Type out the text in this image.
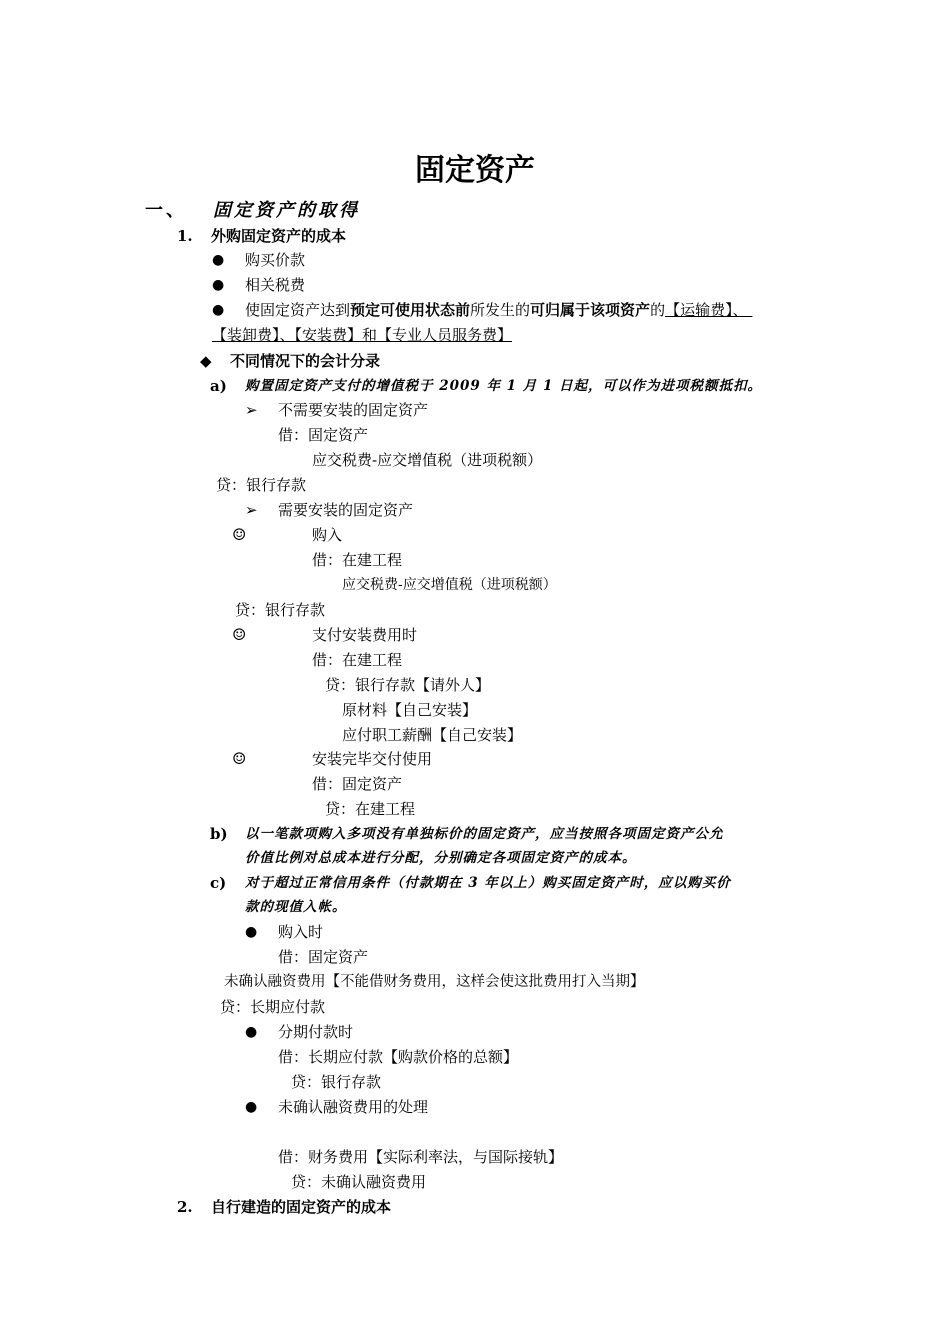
固定资产
一、 固定资产的取得
1. 外购固定资产的成本
● 购买价款
● 相关税费
● 使固定资产达到预定可使用状态前所发生的可归属于该项资产的【运输费】、
【装卸费】、【安装费】和【专业人员服务费】
◆ 不同情况下的会计分录
a) 购置固定资产支付的增值税于 2009 年 1 月 1 日起，可以作为进项税额抵扣。
➢ 不需要安装的固定资产
借：固定资产
应交税费-应交增值税（进项税额）
贷：银行存款
➢ 需要安装的固定资产
☺	购入
借：在建工程
应交税费-应交增值税（进项税额）
贷：银行存款
☺	支付安装费用时
借：在建工程
贷：银行存款【请外人】
原材料【自己安装】
应付职工薪酬【自己安装】
☺	安装完毕交付使用
借：固定资产
贷：在建工程
b) 以一笔款项购入多项没有单独标价的固定资产，应当按照各项固定资产公允
价值比例对总成本进行分配，分别确定各项固定资产的成本。
c) 对于超过正常信用条件（付款期在 3 年以上）购买固定资产时，应以购买价
款的现值入帐。
● 购入时
借：固定资产
未确认融资费用【不能借财务费用，这样会使这批费用打入当期】
贷：长期应付款
● 分期付款时
借：长期应付款【购款价格的总额】
贷：银行存款
● 未确认融资费用的处理
借：财务费用【实际利率法，与国际接轨】
贷：未确认融资费用
2. 自行建造的固定资产的成本
